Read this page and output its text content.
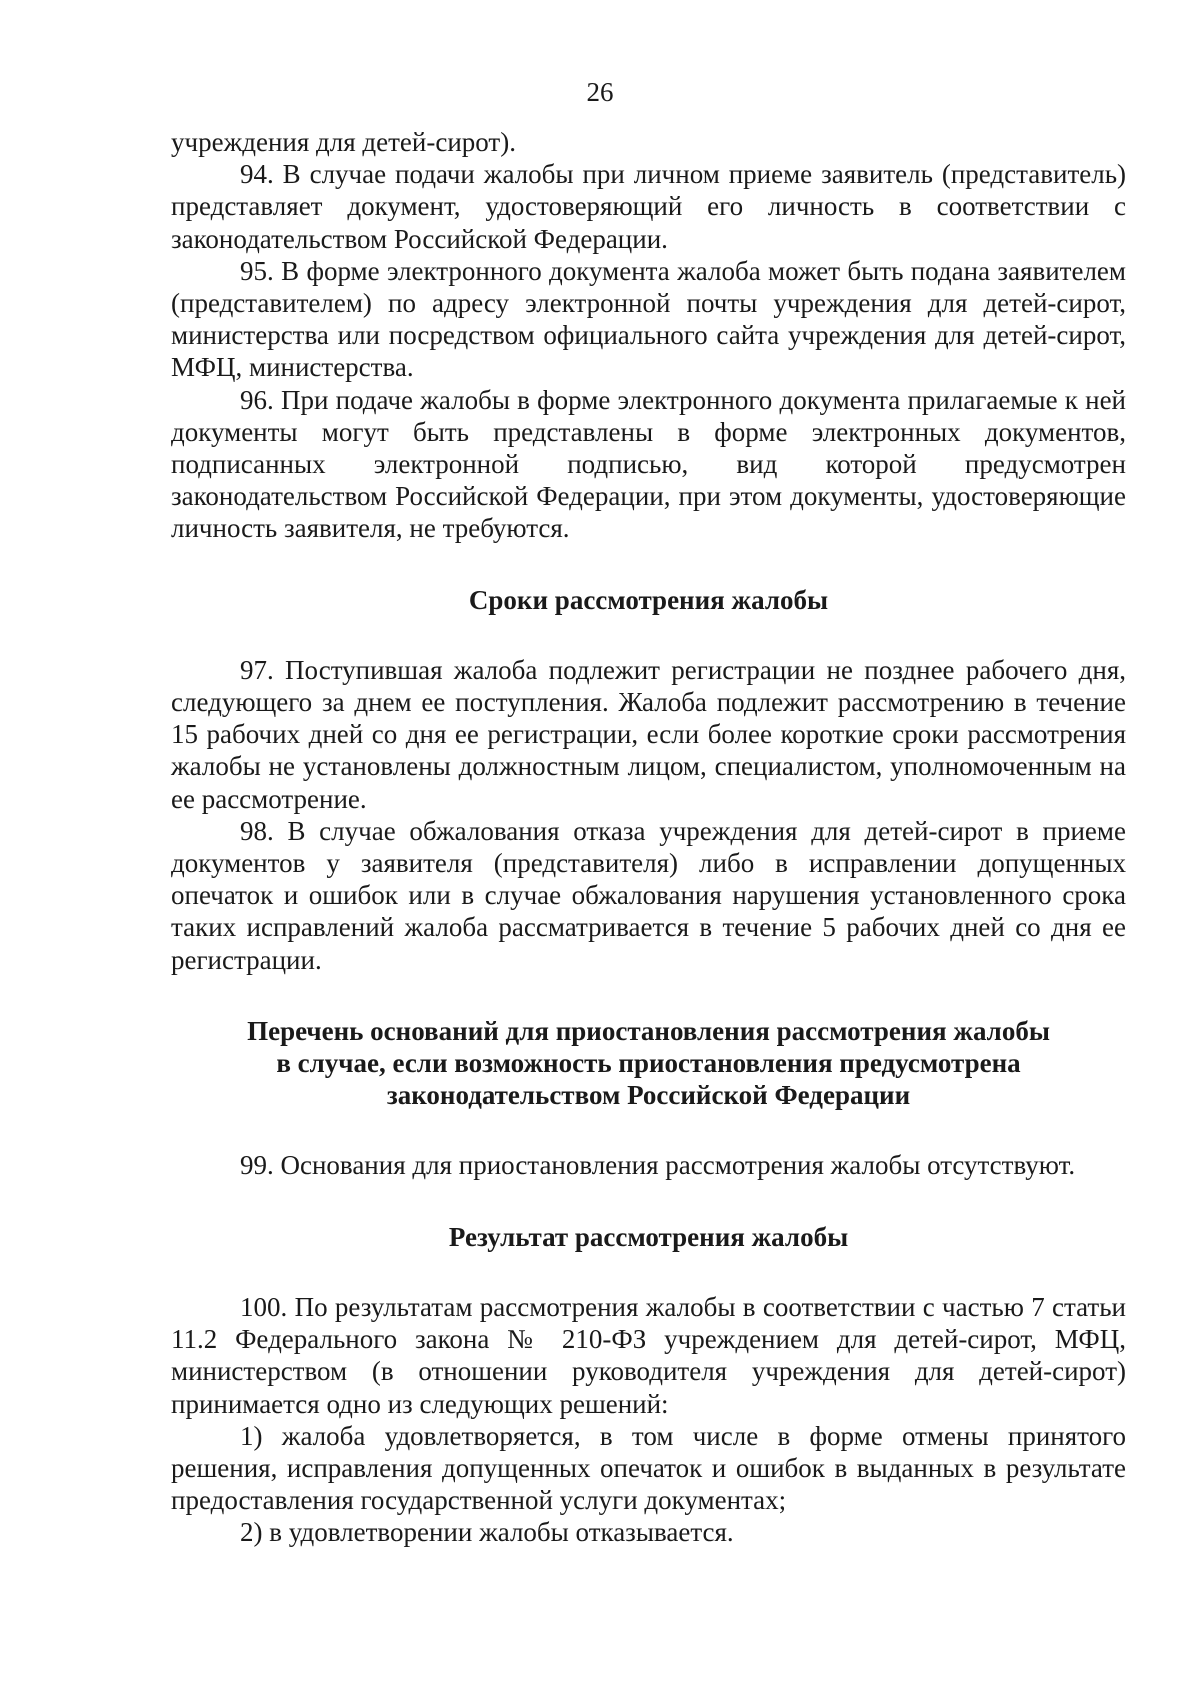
26

учреждения для детей-сирот).

94. В случае подачи жалобы при личном приеме заявитель (представитель) представляет документ, удостоверяющий его личность в соответствии с законодательством Российской Федерации.

95. В форме электронного документа жалоба может быть подана заявителем (представителем) по адресу электронной почты учреждения для детей-сирот, министерства или посредством официального сайта учреждения для детей-сирот, МФЦ, министерства.

96. При подаче жалобы в форме электронного документа прилагаемые к ней документы могут быть представлены в форме электронных документов, подписанных электронной подписью, вид которой предусмотрен законодательством Российской Федерации, при этом документы, удостоверяющие личность заявителя, не требуются.

Сроки рассмотрения жалобы

97. Поступившая жалоба подлежит регистрации не позднее рабочего дня, следующего за днем ее поступления. Жалоба подлежит рассмотрению в течение 15 рабочих дней со дня ее регистрации, если более короткие сроки рассмотрения жалобы не установлены должностным лицом, специалистом, уполномоченным на ее рассмотрение.

98. В случае обжалования отказа учреждения для детей-сирот в приеме документов у заявителя (представителя) либо в исправлении допущенных опечаток и ошибок или в случае обжалования нарушения установленного срока таких исправлений жалоба рассматривается в течение 5 рабочих дней со дня ее регистрации.

Перечень оснований для приостановления рассмотрения жалобы
в случае, если возможность приостановления предусмотрена
законодательством Российской Федерации

99. Основания для приостановления рассмотрения жалобы отсутствуют.

Результат рассмотрения жалобы

100. По результатам рассмотрения жалобы в соответствии с частью 7 статьи 11.2 Федерального закона № 210-ФЗ учреждением для детей-сирот, МФЦ, министерством (в отношении руководителя учреждения для детей-сирот) принимается одно из следующих решений:

1) жалоба удовлетворяется, в том числе в форме отмены принятого решения, исправления допущенных опечаток и ошибок в выданных в результате предоставления государственной услуги документах;

2) в удовлетворении жалобы отказывается.
